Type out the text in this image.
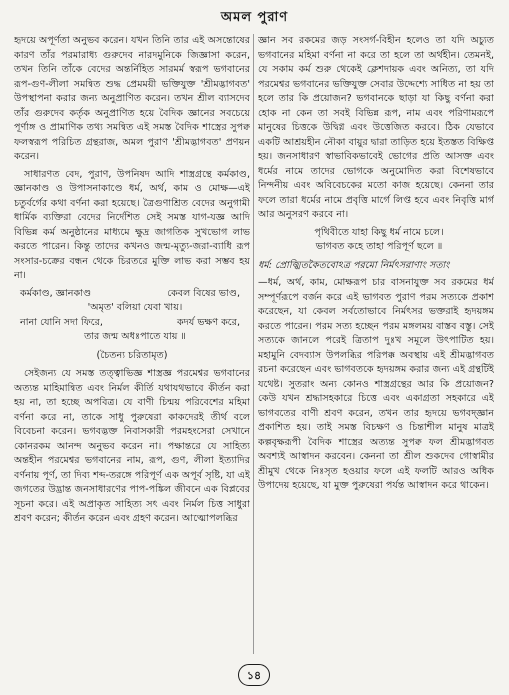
অমল পুরাণ

হৃদয়ে অপূর্ণতা অনুভব করেন। যখন তিনি তার এই অসন্তোষের কারণ তাঁর পরমারাধ্য গুরুদেব নারদমুনিকে জিজ্ঞাসা করেন, তখন তিনি তাঁকে বেদের অন্তর্নিহিত সারমর্ম স্বরূপ ভগবানের রূপ-গুণ-লীলা সমন্বিত শুদ্ধ প্রেমময়ী ভক্তিযুক্ত 'শ্রীমদ্ভাগবত' উপস্থাপনা করার জন্য অনুপ্রাণিত করেন। তখন শ্রীল ব্যাসদেব তাঁর গুরুদেব কর্তৃক অনুপ্রাণিত হয়ে বৈদিক জ্ঞানের সবচেয়ে পূর্ণাঙ্গ ও প্রামাণিক তথ্য সমন্বিত এই সমস্ত বৈদিক শাস্ত্রের সুপক্ব ফলস্বরূপ পরিচিত গ্রন্থরাজ, অমল পুরাণ 'শ্রীমদ্ভাগবত' প্রণয়ন করেন।

সাধারণত বেদ, পুরাণ, উপনিষদ আদি শাস্ত্রগ্রন্থে কর্মকাণ্ড, জ্ঞানকাণ্ড ও উপাসনাকাণ্ডে ধর্ম, অর্থ, কাম ও মোক্ষ—এই চতুর্বর্গের কথা বর্ণনা করা হয়েছে। ত্রৈগুণাশ্রিত বেদের অনুগামী ধার্মিক ব্যক্তিরা বেদের নির্দেশিত সেই সমস্ত যাগ-যজ্ঞ আদি বিভিন্ন কর্ম অনুষ্ঠানের মাধ্যমে ক্ষুদ্র জাগতিক সুখভোগ লাভ করতে পারেন। কিন্তু তাদের কখনও জন্ম-মৃত্যু-জরা-ব্যাধি রূপ সংসার-চক্রের বন্ধন থেকে চিরতরে মুক্তি লাভ করা সম্ভব হয় না।

কর্মকাণ্ড, জ্ঞানকাণ্ড	কেবল বিষের ভাণ্ড,
'অমৃত' বলিয়া যেবা খায়।
নানা যোনি সদা ফিরে,	কদর্য ভক্ষণ করে,
তার জন্ম অধঃপাতে যায় ॥
(চৈতন্য চরিতামৃত)

সেইজন্য যে সমস্ত তত্ত্বাভিজ্ঞ শাস্ত্রজ্ঞ পরমেশ্বর ভগবানের অত্যন্ত মাহিমান্বিত এবং নির্মল কীর্তি যথাযথভাবে কীর্তন করা হয় না, তা হচ্ছে অপবিত্র। যে বাণী চিন্ময় পরিবেশের মহিমা বর্ণনা করে না, তাকে সাধু পুরুষেরা কাকদেরই তীর্থ বলে বিবেচনা করেন। ভগবদ্ভক্ত নিবাসকারী পরমহংসেরা সেখানে কোনরকম আনন্দ অনুভব করেন না। পক্ষান্তরে যে সাহিত্য অন্তহীন পরমেশ্বর ভগবানের নাম, রূপ, গুণ, লীলা ইত্যাদির বর্ণনায় পূর্ণ, তা দিব্য শব্দ-তরঙ্গে পরিপূর্ণ এক অপূর্ব সৃষ্টি, যা এই জগতের উদ্ভ্রান্ত জনসাধারণের পাপ-পঙ্কিল জীবনে এক বিপ্লবের সূচনা করে। এই অপ্রাকৃত সাহিত্য সৎ এবং নির্মল চিত্ত সাধুরা শ্রবণ করেন; কীর্তন করেন এবং গ্রহণ করেন। আত্মোপলব্ধির

জ্ঞান সব রকমের জড় সংসর্গ-বিহীন হলেও তা যদি অচ্যুত ভগবানের মহিমা বর্ণনা না করে তা হলে তা অর্থহীন। তেমনই, যে সকাম কর্ম শুরু থেকেই ক্লেশদায়ক এবং অনিত্য, তা যদি পরমেশ্বর ভগবানের ভক্তিযুক্ত সেবার উদ্দেশ্যে সাধিত না হয় তা হলে তার কি প্রয়োজন? ভগবানকে ছাড়া যা কিছু বর্ণনা করা হোক না কেন তা সবই বিভিন্ন রূপ, নাম এবং পরিণামরূপে মানুষের চিত্তকে উদ্বিগ্ন এবং উত্তেজিত করবে। ঠিক যেভাবে একটি আশ্রয়হীন নৌকা বায়ুর দ্বারা তাড়িত হয়ে ইতস্তত বিক্ষিপ্ত হয়। জনসাধারণ স্বাভাবিকভাবেই ভোগের প্রতি আসক্ত এবং ধর্মের নামে তাদের ভোগকে অনুমোদিত করা বিশেষভাবে নিন্দনীয় এবং অবিবেচকের মতো কাজ হয়েছে। কেননা তার ফলে তারা ধর্মের নামে প্রবৃত্তি মার্গে লিপ্ত হবে এবং নিবৃত্তি মার্গ আর অনুসরণ করবে না।

পৃথিবীতে যাহা কিছু ধর্ম নামে চলে।
ভাগবত কহে তাহা পরিপূর্ণ ছলে ॥

ধর্ম: প্রোজ্ঝিতকৈতবোঽত্র পরমো নির্মৎসরাণাং সতাং

—ধর্ম, অর্থ, কাম, মোক্ষরূপ চার বাসনাযুক্ত সব রকমের ধর্ম সম্পূর্ণরূপে বর্জন করে এই ভাগবত পুরাণ পরম সত্যকে প্রকাশ করেছেন, যা কেবল সর্বতোভাবে নির্মৎসর ভক্তরাই হৃদয়ঙ্গম করতে পারেন। পরম সত্য হচ্ছেন পরম মঙ্গলময় বাস্তব বস্তু। সেই সত্যকে জানলে পরেই ত্রিতাপ দুঃখ সমূলে উৎপাটিত হয়। মহামুনি বেদব্যাস উপলব্ধির পরিপক্ক অবস্থায় এই শ্রীমদ্ভাগবত রচনা করেছেন এবং ভাগবতকে হৃদয়ঙ্গম করার জন্য এই গ্রন্থটিই যথেষ্ট। সুতরাং অন্য কোনও শাস্ত্রগ্রন্থের আর কি প্রয়োজন? কেউ যখন শ্রদ্ধাসহকারে চিত্তে এবং একাগ্রতা সহকারে এই ভাগবতের বাণী শ্রবণ করেন, তখন তার হৃদয়ে ভগবদ্জ্ঞান প্রকাশিত হয়। তাই সমস্ত বিচক্ষণ ও চিন্তাশীল মানুষ মাত্রই কল্পবৃক্ষরূপী বৈদিক শাস্ত্রের অত্যন্ত সুপক্ব ফল শ্রীমদ্ভাগবত অবশ্যই আস্বাদন করবেন। কেননা তা শ্রীল শুকদেব গোস্বামীর শ্রীমুখ থেকে নিঃসৃত হওয়ার ফলে এই ফলটি আরও অধিক উপাদেয় হয়েছে, যা মুক্ত পুরুষেরা পর্যন্ত আস্বাদন করে থাকেন।

১৪
